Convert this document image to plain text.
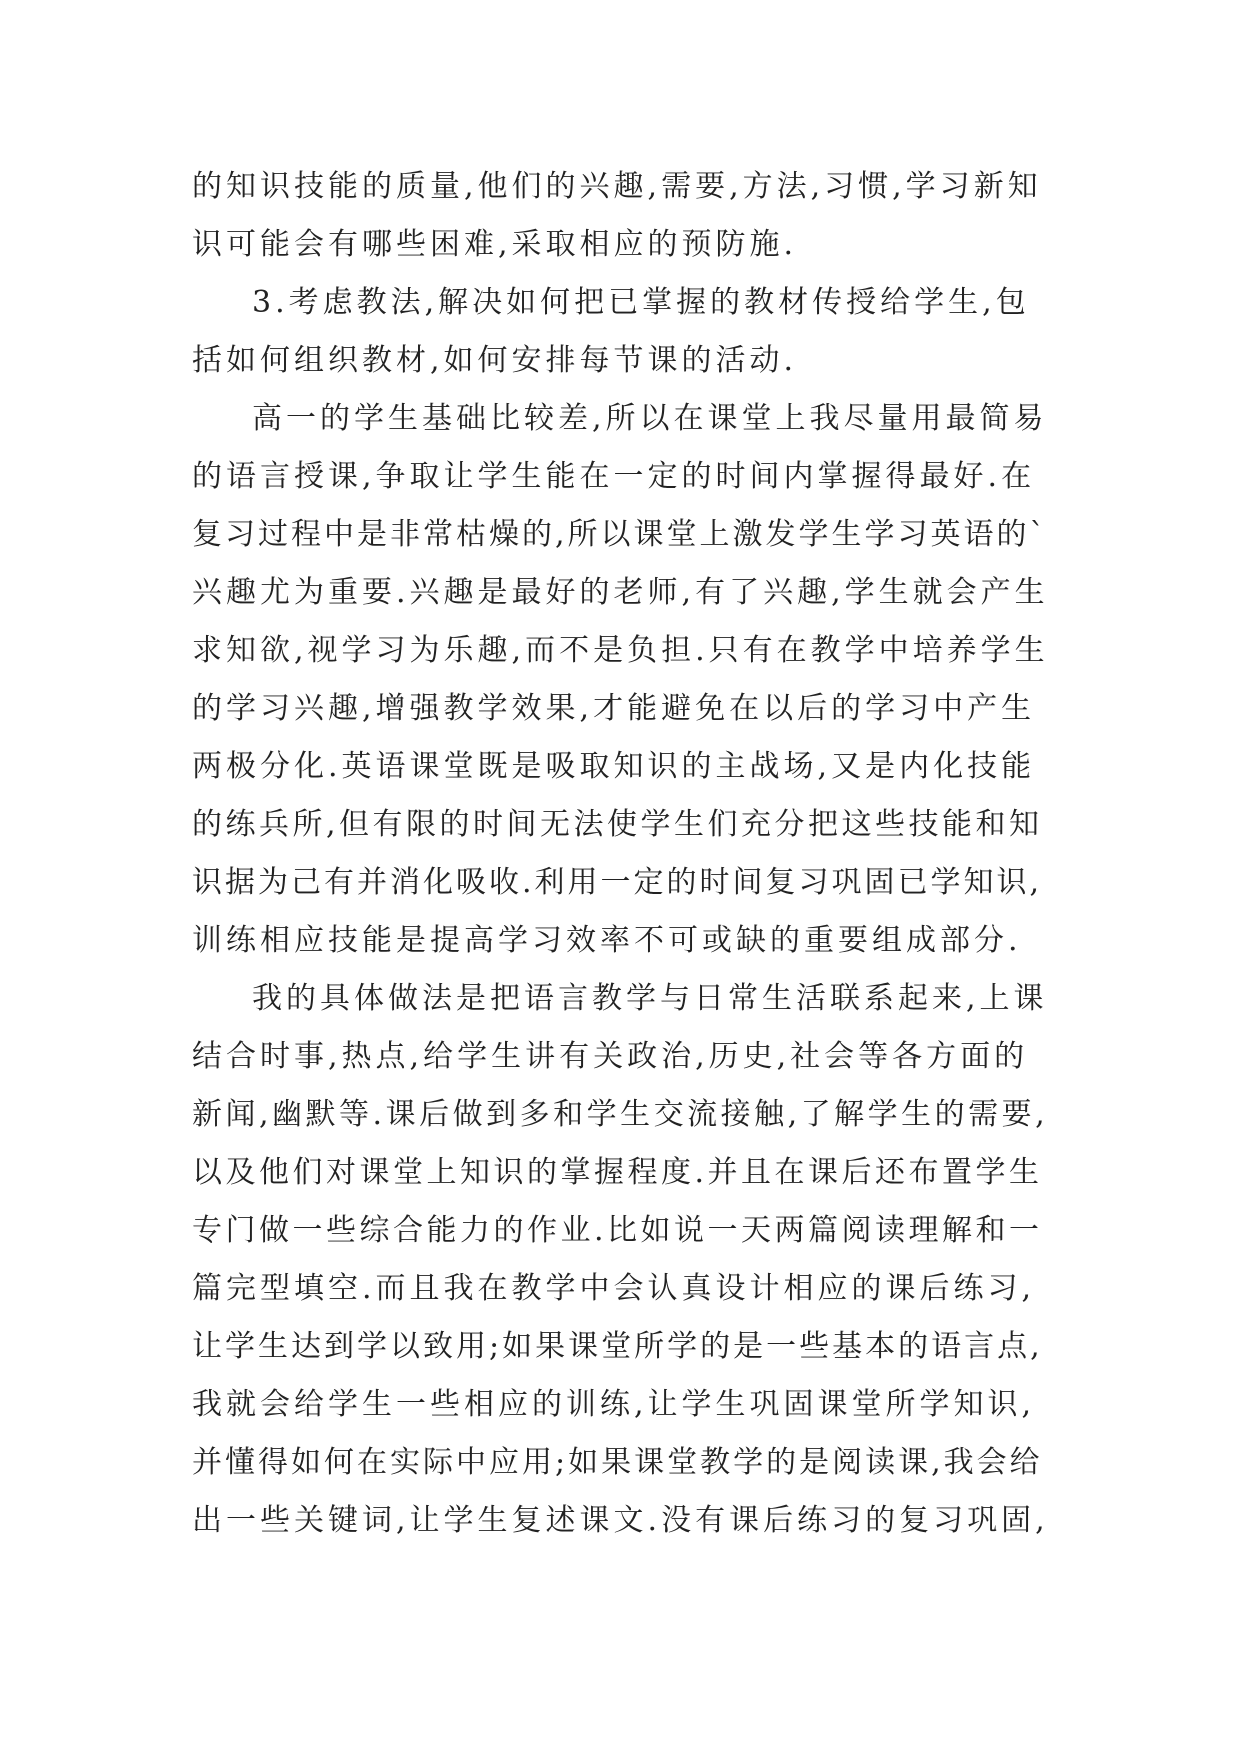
的知识技能的质量,他们的兴趣,需要,方法,习惯,学习新知
识可能会有哪些困难,采取相应的预防施.
3.考虑教法,解决如何把已掌握的教材传授给学生,包
括如何组织教材,如何安排每节课的活动.
高一的学生基础比较差,所以在课堂上我尽量用最简易
的语言授课,争取让学生能在一定的时间内掌握得最好.在
复习过程中是非常枯燥的,所以课堂上激发学生学习英语的`
兴趣尤为重要.兴趣是最好的老师,有了兴趣,学生就会产生
求知欲,视学习为乐趣,而不是负担.只有在教学中培养学生
的学习兴趣,增强教学效果,才能避免在以后的学习中产生
两极分化.英语课堂既是吸取知识的主战场,又是内化技能
的练兵所,但有限的时间无法使学生们充分把这些技能和知
识据为己有并消化吸收.利用一定的时间复习巩固已学知识,
训练相应技能是提高学习效率不可或缺的重要组成部分.
我的具体做法是把语言教学与日常生活联系起来,上课
结合时事,热点,给学生讲有关政治,历史,社会等各方面的
新闻,幽默等.课后做到多和学生交流接触,了解学生的需要,
以及他们对课堂上知识的掌握程度.并且在课后还布置学生
专门做一些综合能力的作业.比如说一天两篇阅读理解和一
篇完型填空.而且我在教学中会认真设计相应的课后练习,
让学生达到学以致用;如果课堂所学的是一些基本的语言点,
我就会给学生一些相应的训练,让学生巩固课堂所学知识,
并懂得如何在实际中应用;如果课堂教学的是阅读课,我会给
出一些关键词,让学生复述课文.没有课后练习的复习巩固,
